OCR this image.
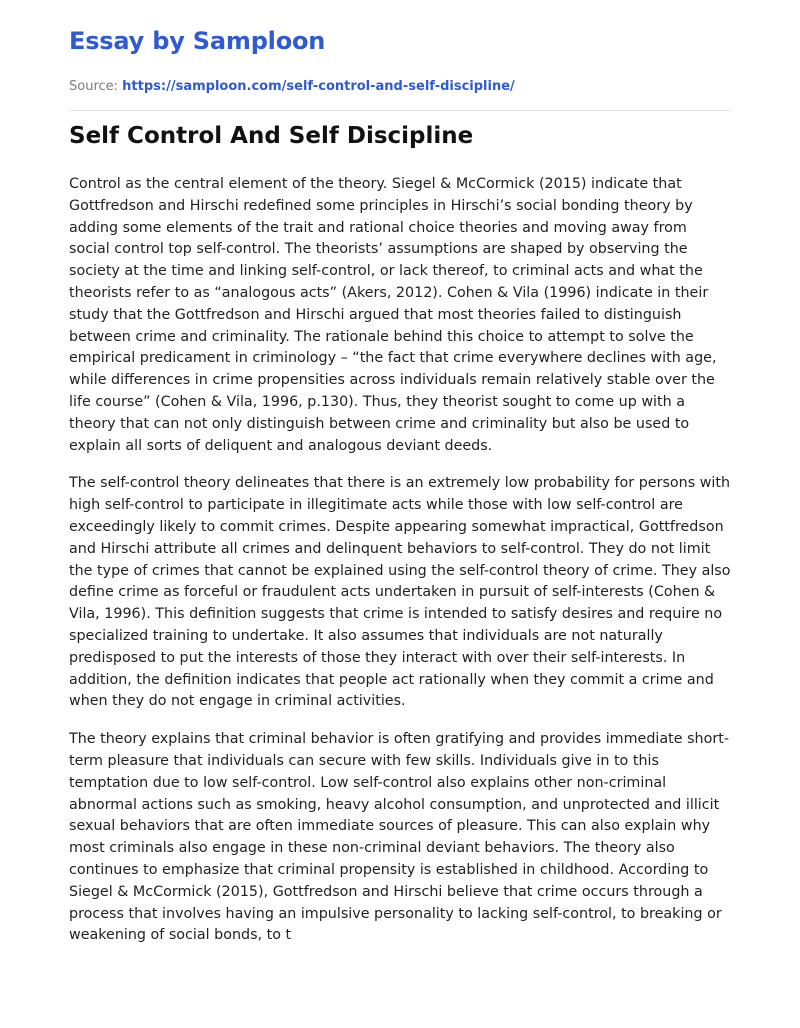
Essay by Samploon
Source: https://samploon.com/self-control-and-self-discipline/
Self Control And Self Discipline

Control as the central element of the theory. Siegel & McCormick (2015) indicate that Gottfredson and Hirschi redefined some principles in Hirschi’s social bonding theory by adding some elements of the trait and rational choice theories and moving away from social control top self-control. The theorists’ assumptions are shaped by observing the society at the time and linking self-control, or lack thereof, to criminal acts and what the theorists refer to as “analogous acts” (Akers, 2012). Cohen & Vila (1996) indicate in their study that the Gottfredson and Hirschi argued that most theories failed to distinguish between crime and criminality. The rationale behind this choice to attempt to solve the empirical predicament in criminology – “the fact that crime everywhere declines with age, while differences in crime propensities across individuals remain relatively stable over the life course” (Cohen & Vila, 1996, p.130). Thus, they theorist sought to come up with a theory that can not only distinguish between crime and criminality but also be used to explain all sorts of deliquent and analogous deviant deeds.

The self-control theory delineates that there is an extremely low probability for persons with high self-control to participate in illegitimate acts while those with low self-control are exceedingly likely to commit crimes. Despite appearing somewhat impractical, Gottfredson and Hirschi attribute all crimes and delinquent behaviors to self-control. They do not limit the type of crimes that cannot be explained using the self-control theory of crime. They also define crime as forceful or fraudulent acts undertaken in pursuit of self-interests (Cohen & Vila, 1996). This definition suggests that crime is intended to satisfy desires and require no specialized training to undertake. It also assumes that individuals are not naturally predisposed to put the interests of those they interact with over their self-interests. In addition, the definition indicates that people act rationally when they commit a crime and when they do not engage in criminal activities.

The theory explains that criminal behavior is often gratifying and provides immediate short-term pleasure that individuals can secure with few skills. Individuals give in to this temptation due to low self-control. Low self-control also explains other non-criminal abnormal actions such as smoking, heavy alcohol consumption, and unprotected and illicit sexual behaviors that are often immediate sources of pleasure. This can also explain why most criminals also engage in these non-criminal deviant behaviors. The theory also continues to emphasize that criminal propensity is established in childhood. According to Siegel & McCormick (2015), Gottfredson and Hirschi believe that crime occurs through a process that involves having an impulsive personality to lacking self-control, to breaking or weakening of social bonds, to t
